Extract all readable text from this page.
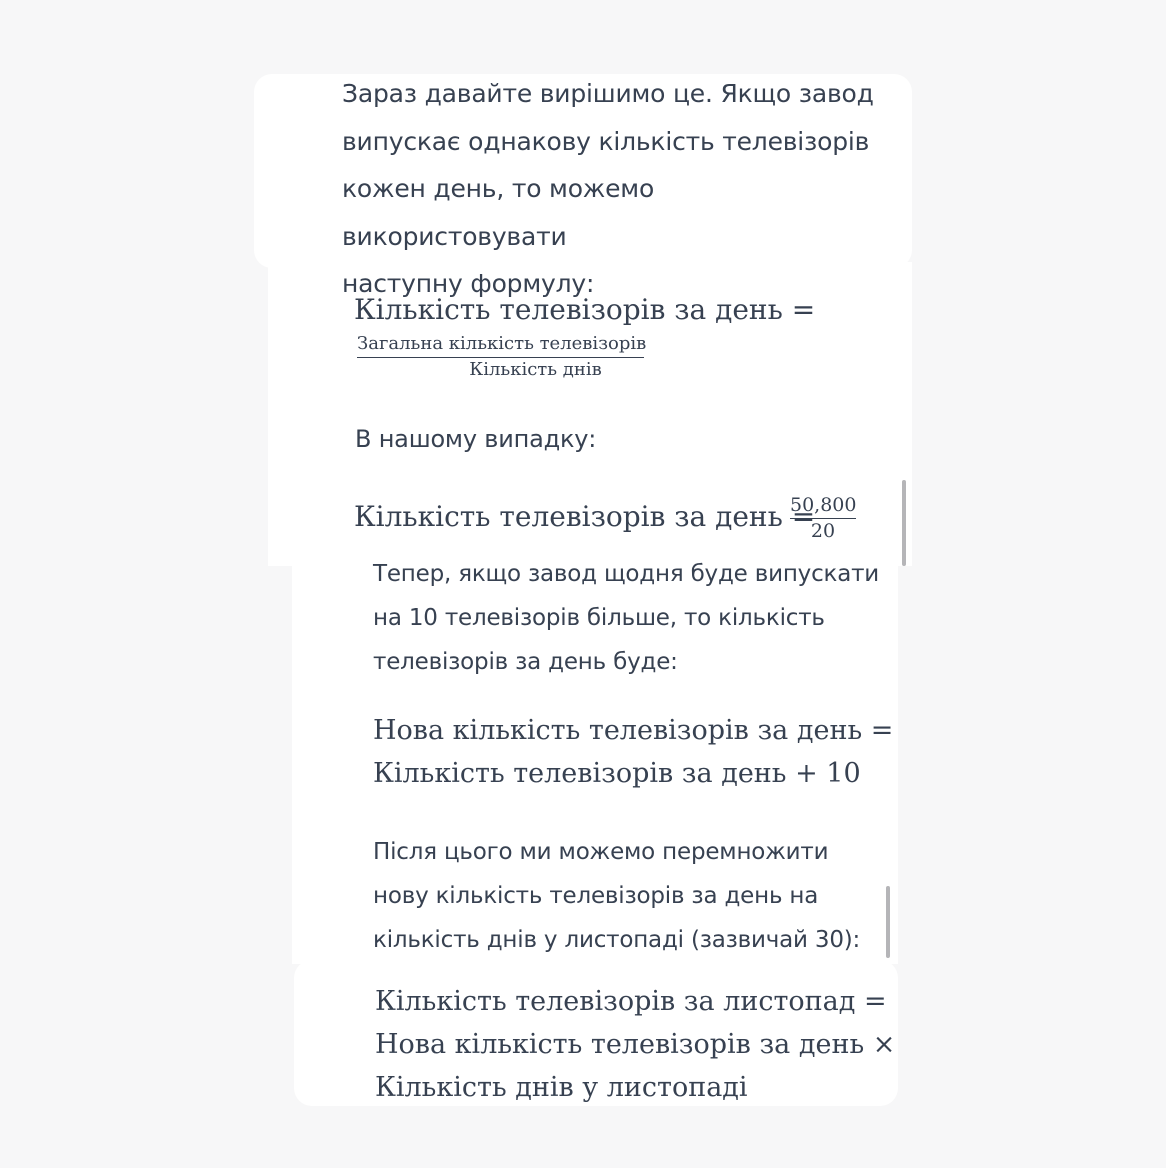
Зараз давайте вирішимо це. Якщо завод
випускає однакову кількість телевізорів
кожен день, то можемо використовувати
наступну формулу:
Кількість телевізорів за день =
Загальна кількість телевізорів
Кількість днів
В нашому випадку:
Кількість телевізорів за день =
$\frac{50,800}{20}$
Тепер, якщо завод щодня буде випускати
на 10 телевізорів більше, то кількість
телевізорів за день буде:
Нова кількість телевізорів за день =
Кількість телевізорів за день + 10
Після цього ми можемо перемножити
нову кількість телевізорів за день на
кількість днів у листопаді (зазвичай 30):
Кількість телевізорів за листопад =
Нова кількість телевізорів за день ×
Кількість днів у листопаді
